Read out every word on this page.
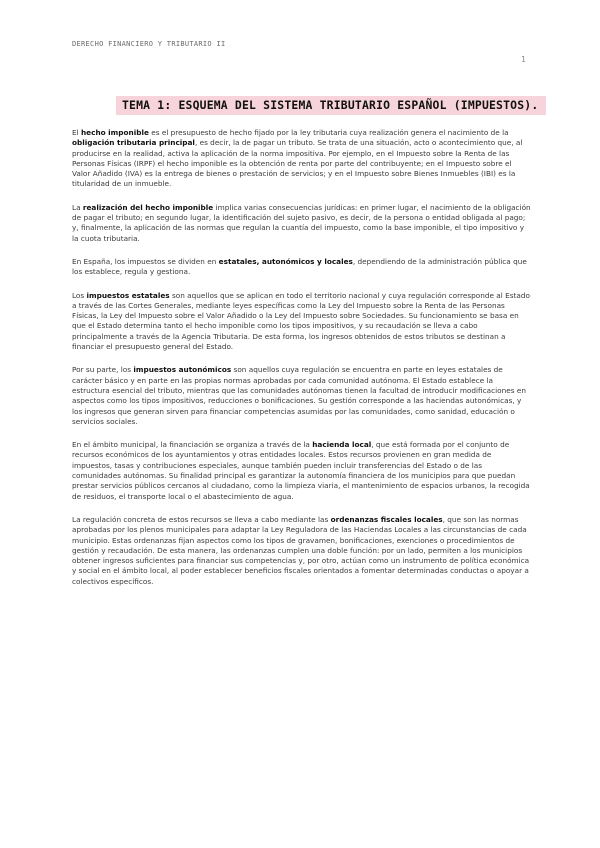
DERECHO FINANCIERO Y TRIBUTARIO II
1
TEMA 1: ESQUEMA DEL SISTEMA TRIBUTARIO ESPAÑOL (IMPUESTOS).

El hecho imponible es el presupuesto de hecho fijado por la ley tributaria cuya realización genera el nacimiento de la obligación tributaria principal, es decir, la de pagar un tributo. Se trata de una situación, acto o acontecimiento que, al producirse en la realidad, activa la aplicación de la norma impositiva. Por ejemplo, en el Impuesto sobre la Renta de las Personas Físicas (IRPF) el hecho imponible es la obtención de renta por parte del contribuyente; en el Impuesto sobre el Valor Añadido (IVA) es la entrega de bienes o prestación de servicios; y en el Impuesto sobre Bienes Inmuebles (IBI) es la titularidad de un inmueble.

La realización del hecho imponible implica varias consecuencias jurídicas: en primer lugar, el nacimiento de la obligación de pagar el tributo; en segundo lugar, la identificación del sujeto pasivo, es decir, de la persona o entidad obligada al pago; y, finalmente, la aplicación de las normas que regulan la cuantía del impuesto, como la base imponible, el tipo impositivo y la cuota tributaria.

En España, los impuestos se dividen en estatales, autonómicos y locales, dependiendo de la administración pública que los establece, regula y gestiona.

Los impuestos estatales son aquellos que se aplican en todo el territorio nacional y cuya regulación corresponde al Estado a través de las Cortes Generales, mediante leyes específicas como la Ley del Impuesto sobre la Renta de las Personas Físicas, la Ley del Impuesto sobre el Valor Añadido o la Ley del Impuesto sobre Sociedades. Su funcionamiento se basa en que el Estado determina tanto el hecho imponible como los tipos impositivos, y su recaudación se lleva a cabo principalmente a través de la Agencia Tributaria. De esta forma, los ingresos obtenidos de estos tributos se destinan a financiar el presupuesto general del Estado.

Por su parte, los impuestos autonómicos son aquellos cuya regulación se encuentra en parte en leyes estatales de carácter básico y en parte en las propias normas aprobadas por cada comunidad autónoma. El Estado establece la estructura esencial del tributo, mientras que las comunidades autónomas tienen la facultad de introducir modificaciones en aspectos como los tipos impositivos, reducciones o bonificaciones. Su gestión corresponde a las haciendas autonómicas, y los ingresos que generan sirven para financiar competencias asumidas por las comunidades, como sanidad, educación o servicios sociales.

En el ámbito municipal, la financiación se organiza a través de la hacienda local, que está formada por el conjunto de recursos económicos de los ayuntamientos y otras entidades locales. Estos recursos provienen en gran medida de impuestos, tasas y contribuciones especiales, aunque también pueden incluir transferencias del Estado o de las comunidades autónomas. Su finalidad principal es garantizar la autonomía financiera de los municipios para que puedan prestar servicios públicos cercanos al ciudadano, como la limpieza viaria, el mantenimiento de espacios urbanos, la recogida de residuos, el transporte local o el abastecimiento de agua.

La regulación concreta de estos recursos se lleva a cabo mediante las ordenanzas fiscales locales, que son las normas aprobadas por los plenos municipales para adaptar la Ley Reguladora de las Haciendas Locales a las circunstancias de cada municipio. Estas ordenanzas fijan aspectos como los tipos de gravamen, bonificaciones, exenciones o procedimientos de gestión y recaudación. De esta manera, las ordenanzas cumplen una doble función: por un lado, permiten a los municipios obtener ingresos suficientes para financiar sus competencias y, por otro, actúan como un instrumento de política económica y social en el ámbito local, al poder establecer beneficios fiscales orientados a fomentar determinadas conductas o apoyar a colectivos específicos.
